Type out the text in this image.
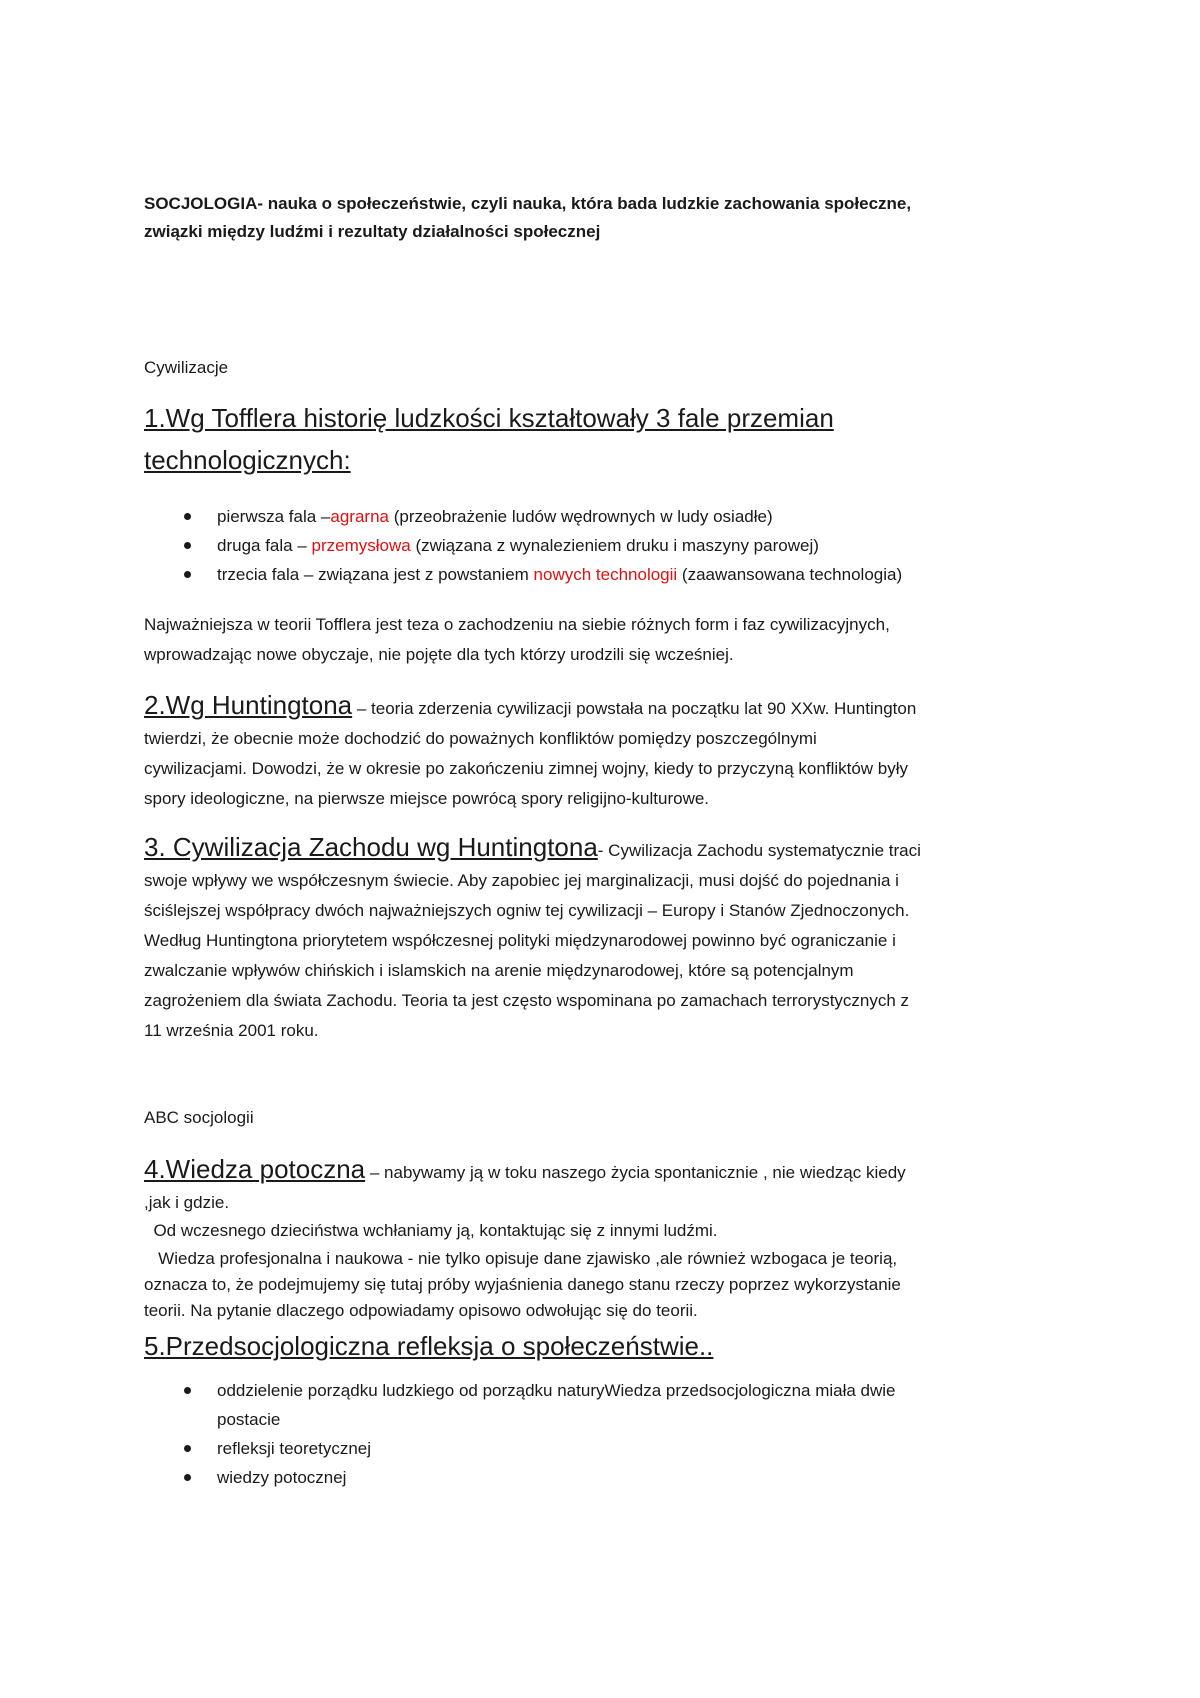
SOCJOLOGIA- nauka o społeczeństwie, czyli nauka, która bada ludzkie zachowania społeczne,

związki między ludźmi i rezultaty działalności społecznej

Cywilizacje

1.Wg Tofflera historię ludzkości kształtowały 3 fale przemian

technologicznych:

pierwsza fala –agrarna (przeobrażenie ludów wędrownych w ludy osiadłe)
druga fala – przemysłowa (związana z wynalezieniem druku i maszyny parowej)
trzecia fala – związana jest z powstaniem nowych technologii (zaawansowana technologia)

Najważniejsza w teorii Tofflera jest teza o zachodzeniu na siebie różnych form i faz cywilizacyjnych,

wprowadzając nowe obyczaje, nie pojęte dla tych którzy urodzili się wcześniej.

2.Wg Huntingtona – teoria zderzenia cywilizacji powstała na początku lat 90 XXw. Huntington

twierdzi, że obecnie może dochodzić do poważnych konfliktów pomiędzy poszczególnymi

cywilizacjami. Dowodzi, że w okresie po zakończeniu zimnej wojny, kiedy to przyczyną konfliktów były

spory ideologiczne, na pierwsze miejsce powrócą spory religijno-kulturowe.

3. Cywilizacja Zachodu wg Huntingtona- Cywilizacja Zachodu systematycznie traci

swoje wpływy we współczesnym świecie. Aby zapobiec jej marginalizacji, musi dojść do pojednania i

ściślejszej współpracy dwóch najważniejszych ogniw tej cywilizacji – Europy i Stanów Zjednoczonych.

Według Huntingtona priorytetem współczesnej polityki międzynarodowej powinno być ograniczanie i

zwalczanie wpływów chińskich i islamskich na arenie międzynarodowej, które są potencjalnym

zagrożeniem dla świata Zachodu. Teoria ta jest często wspominana po zamachach terrorystycznych z

11 września 2001 roku.

ABC socjologii

4.Wiedza potoczna – nabywamy ją w toku naszego życia spontanicznie , nie wiedząc kiedy

,jak i gdzie.

Od wczesnego dzieciństwa wchłaniamy ją, kontaktując się z innymi ludźmi.

Wiedza profesjonalna i naukowa - nie tylko opisuje dane zjawisko ,ale również wzbogaca je teorią,

oznacza to, że podejmujemy się tutaj próby wyjaśnienia danego stanu rzeczy poprzez wykorzystanie

teorii. Na pytanie dlaczego odpowiadamy opisowo odwołując się do teorii.

5.Przedsocjologiczna refleksja o społeczeństwie..

oddzielenie porządku ludzkiego od porządku naturyWiedza przedsocjologiczna miała dwie
postacie
refleksji teoretycznej
wiedzy potocznej
